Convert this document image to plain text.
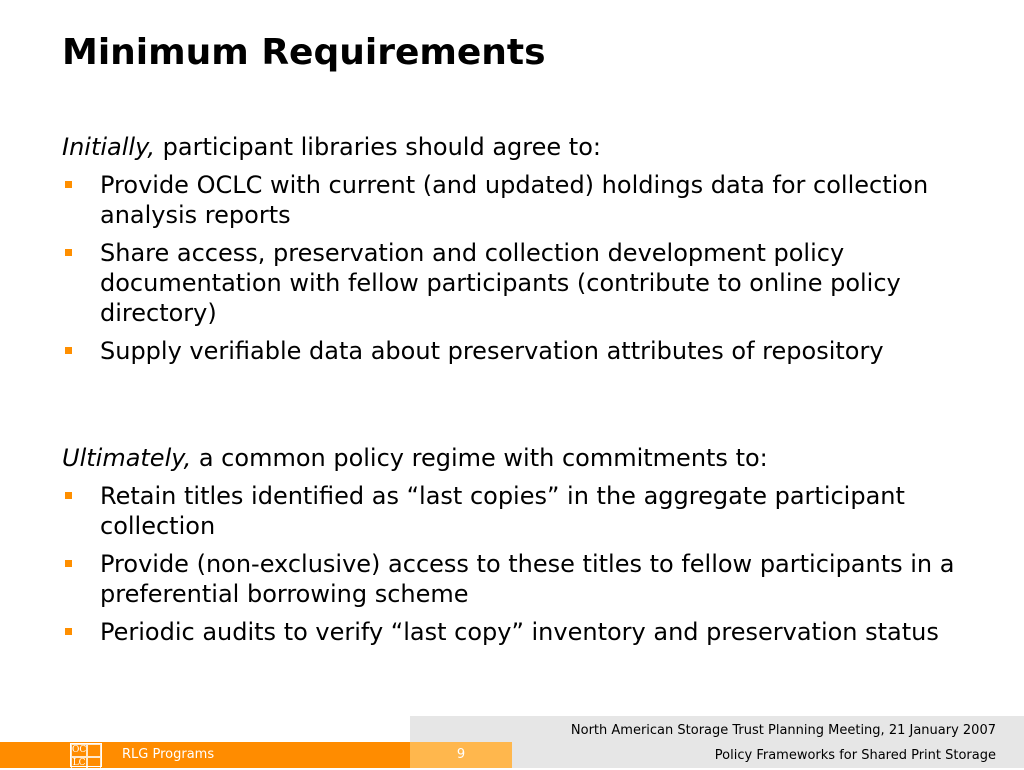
Minimum Requirements

Initially, participant libraries should agree to:

Provide OCLC with current (and updated) holdings data for collection analysis reports
Share access, preservation and collection development policy documentation with fellow participants (contribute to online policy directory)
Supply verifiable data about preservation attributes of repository

Ultimately, a common policy regime with commitments to:

Retain titles identified as “last copies” in the aggregate participant collection
Provide (non-exclusive) access to these titles to fellow participants in a preferential borrowing scheme
Periodic audits to verify “last copy” inventory and preservation status
North American Storage Trust Planning Meeting, 21 January 2007
OC
LC
RLG Programs	9	Policy Frameworks for Shared Print Storage
